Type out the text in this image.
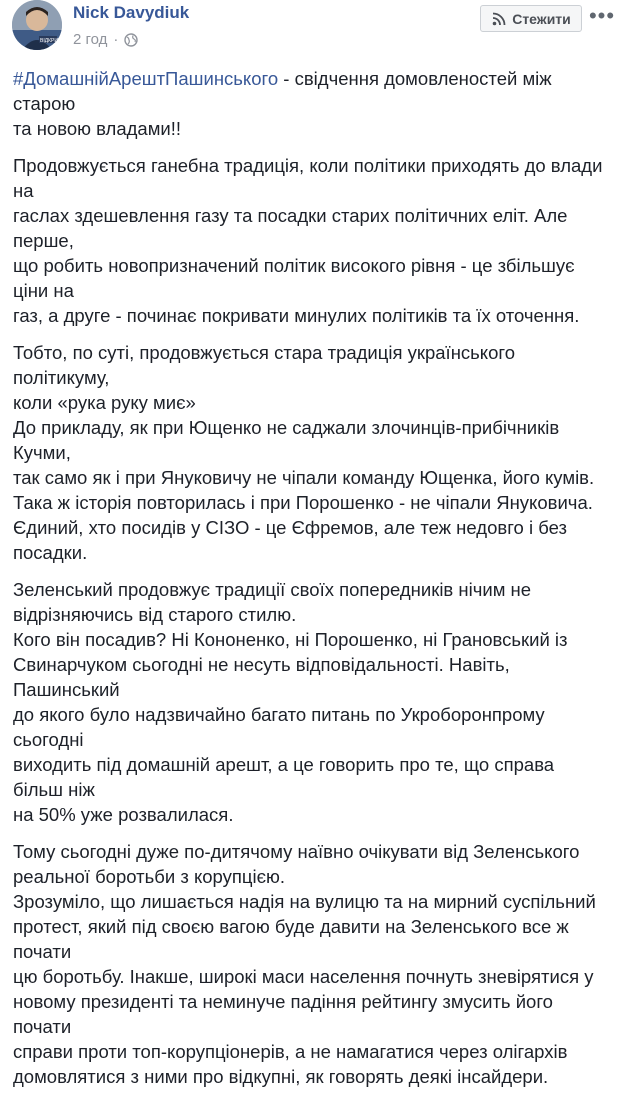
ВІДКРИТ
Nick Davydiuk
2 год ·
Стежити •••

#ДомашнійАрештПашинського - свідчення домовленостей між старою
та новою владами!!

Продовжується ганебна традиція, коли політики приходять до влади на
гаслах здешевлення газу та посадки старих політичних еліт. Але перше,
що робить новопризначений політик високого рівня - це збільшує ціни на
газ, а друге - починає покривати минулих політиків та їх оточення.

Тобто, по суті, продовжується стара традиція українського політикуму,
коли «рука руку миє»
До прикладу, як при Ющенко не саджали злочинців-прибічників Кучми,
так само як і при Януковичу не чіпали команду Ющенка, його кумів.
Така ж історія повторилась і при Порошенко - не чіпали Януковича.
Єдиний, хто посидів у СІЗО - це Єфремов, але теж недовго і без
посадки.

Зеленський продовжує традиції своїх попередників нічим не
відрізняючись від старого стилю.
Кого він посадив? Ні Кононенко, ні Порошенко, ні Грановський із
Свинарчуком сьогодні не несуть відповідальності. Навіть, Пашинський
до якого було надзвичайно багато питань по Укроборонпрому сьогодні
виходить під домашній арешт, а це говорить про те, що справа більш ніж
на 50% уже розвалилася.

Тому сьогодні дуже по-дитячому наївно очікувати від Зеленського
реальної боротьби з корупцією.
Зрозуміло, що лишається надія на вулицю та на мирний суспільний
протест, який під своєю вагою буде давити на Зеленського все ж почати
цю боротьбу. Інакше, широкі маси населення почнуть зневірятися у
новому президенті та неминуче падіння рейтингу змусить його почати
справи проти топ-корупціонерів, а не намагатися через олігархів
домовлятися з ними про відкупні, як говорять деякі інсайдери.
